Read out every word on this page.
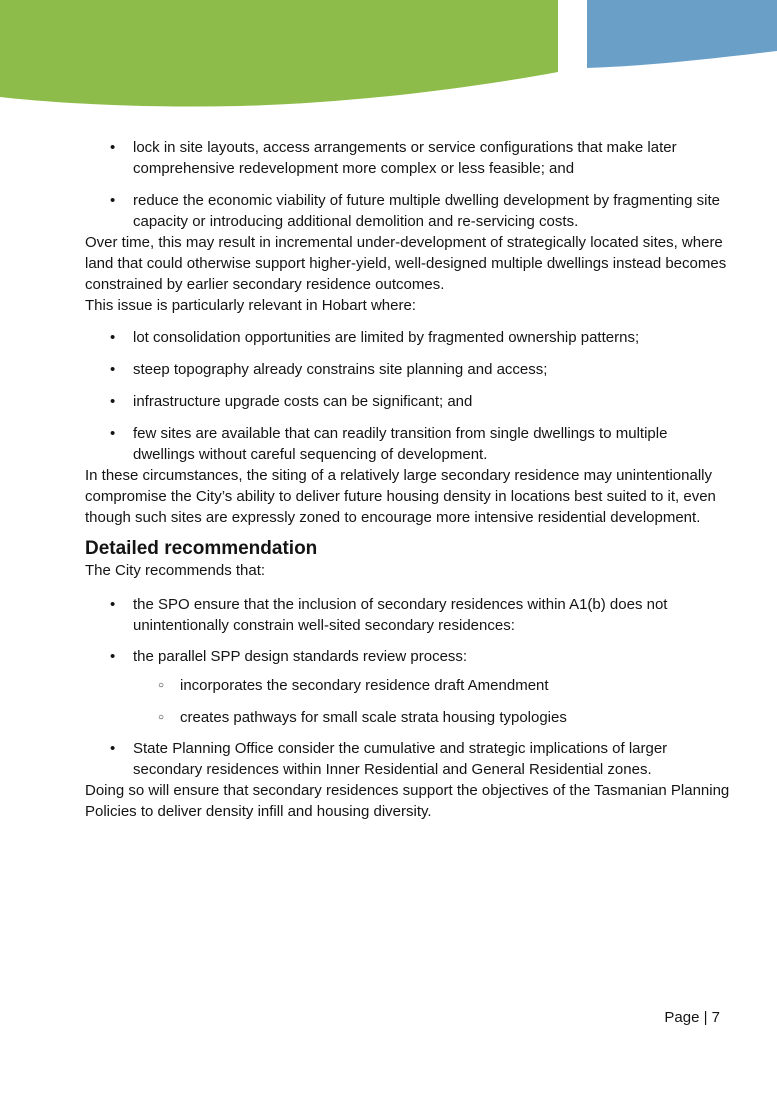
• lock in site layouts, access arrangements or service configurations that make later comprehensive redevelopment more complex or less feasible; and
• reduce the economic viability of future multiple dwelling development by fragmenting site capacity or introducing additional demolition and re-servicing costs.

Over time, this may result in incremental under-development of strategically located sites, where land that could otherwise support higher-yield, well-designed multiple dwellings instead becomes constrained by earlier secondary residence outcomes.

This issue is particularly relevant in Hobart where:

• lot consolidation opportunities are limited by fragmented ownership patterns;
• steep topography already constrains site planning and access;
• infrastructure upgrade costs can be significant; and
• few sites are available that can readily transition from single dwellings to multiple dwellings without careful sequencing of development.

In these circumstances, the siting of a relatively large secondary residence may unintentionally compromise the City’s ability to deliver future housing density in locations best suited to it, even though such sites are expressly zoned to encourage more intensive residential development.

Detailed recommendation

The City recommends that:

• the SPO ensure that the inclusion of secondary residences within A1(b) does not unintentionally constrain well-sited secondary residences:
• the parallel SPP design standards review process:
○ incorporates the secondary residence draft Amendment
○ creates pathways for small scale strata housing typologies
• State Planning Office consider the cumulative and strategic implications of larger secondary residences within Inner Residential and General Residential zones.

Doing so will ensure that secondary residences support the objectives of the Tasmanian Planning Policies to deliver density infill and housing diversity.

Page | 7
